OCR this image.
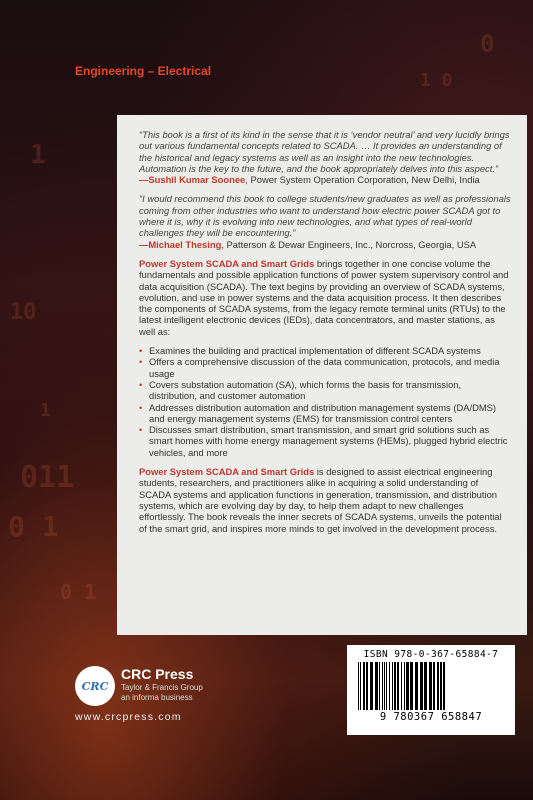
1
10
011
0 1
0 1
0
1 0
1
Engineering – Electrical
“This book is a first of its kind in the sense that it is ‘vendor neutral’ and very lucidly brings out various fundamental concepts related to SCADA. … It provides an understanding of the historical and legacy systems as well as an insight into the new technologies. Automation is the key to the future, and the book appropriately delves into this aspect.”
—Sushil Kumar Soonee, Power System Operation Corporation, New Delhi, India
“I would recommend this book to college students/new graduates as well as professionals coming from other industries who want to understand how electric power SCADA got to where it is, why it is evolving into new technologies, and what types of real-world challenges they will be encountering.”
—Michael Thesing, Patterson & Dewar Engineers, Inc., Norcross, Georgia, USA
Power System SCADA and Smart Grids brings together in one concise volume the fundamentals and possible application functions of power system supervisory control and data acquisition (SCADA). The text begins by providing an overview of SCADA systems, evolution, and use in power systems and the data acquisition process. It then describes the components of SCADA systems, from the legacy remote terminal units (RTUs) to the latest intelligent electronic devices (IEDs), data concentrators, and master stations, as well as:
• Examines the building and practical implementation of different SCADA systems
• Offers a comprehensive discussion of the data communication, protocols, and media usage
• Covers substation automation (SA), which forms the basis for transmission, distribution, and customer automation
• Addresses distribution automation and distribution management systems (DA/DMS) and energy management systems (EMS) for transmission control centers
• Discusses smart distribution, smart transmission, and smart grid solutions such as smart homes with home energy management systems (HEMs), plugged hybrid electric vehicles, and more
Power System SCADA and Smart Grids is designed to assist electrical engineering students, researchers, and practitioners alike in acquiring a solid understanding of SCADA systems and application functions in generation, transmission, and distribution systems, which are evolving day by day, to help them adapt to new challenges effortlessly. The book reveals the inner secrets of SCADA systems, unveils the potential of the smart grid, and inspires more minds to get involved in the development process.
CRC
CRC Press
Taylor & Francis Group
an informa business
www.crcpress.com
ISBN 978-0-367-65884-7
9 780367 658847
